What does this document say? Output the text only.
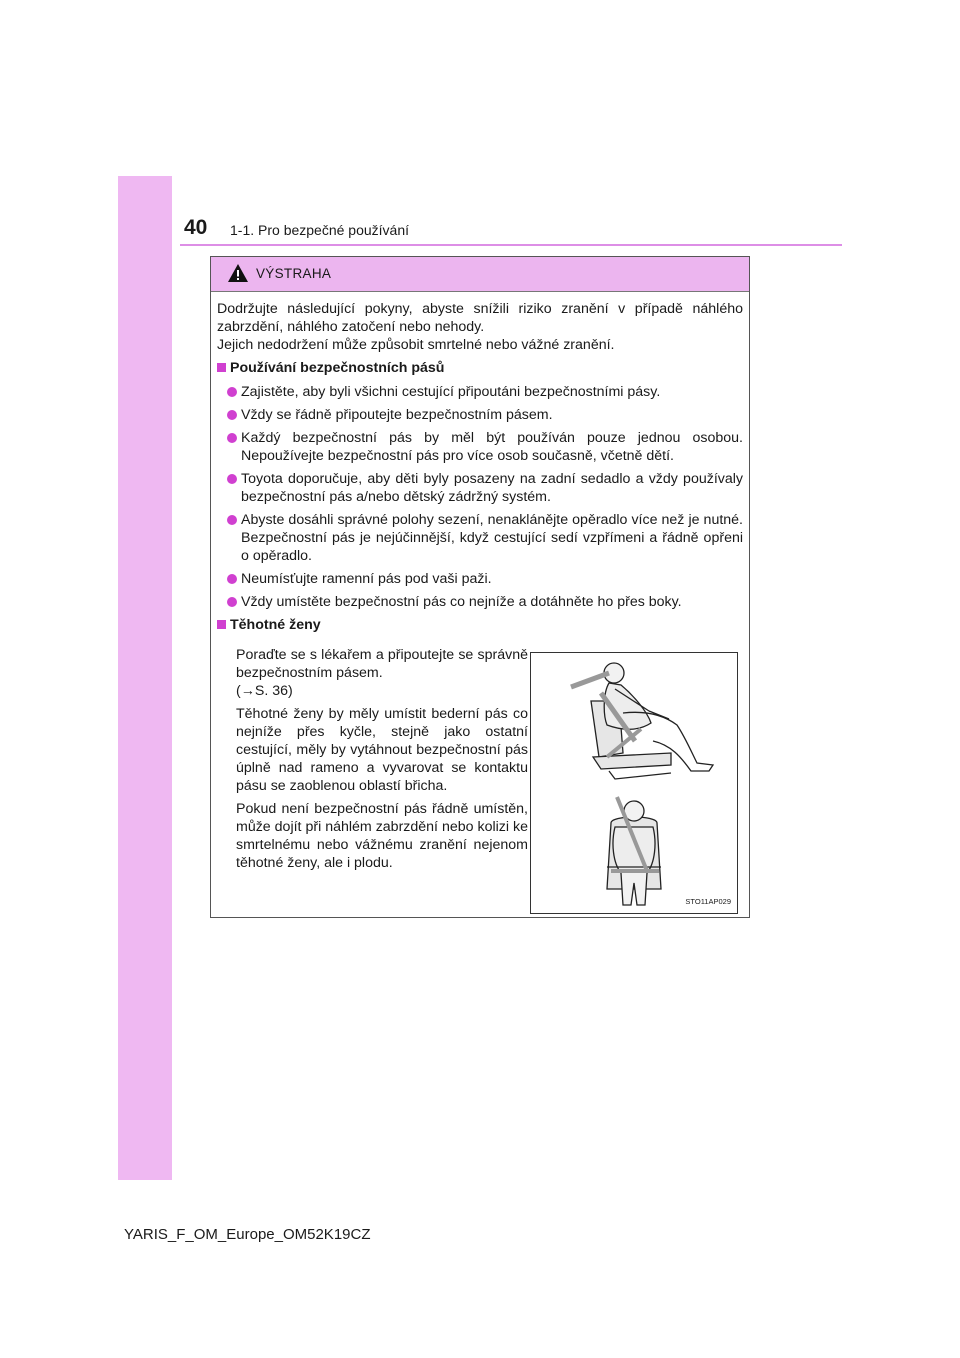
40 1-1. Pro bezpečné používání
VÝSTRAHA

Dodržujte následující pokyny, abyste snížili riziko zranění v případě náhlého zabrzdění, náhlého zatočení nebo nehody.

Jejich nedodržení může způsobit smrtelné nebo vážné zranění.

Používání bezpečnostních pásů
Zajistěte, aby byli všichni cestující připoutáni bezpečnostními pásy.
Vždy se řádně připoutejte bezpečnostním pásem.
Každý bezpečnostní pás by měl být používán pouze jednou osobou. Nepoužívejte bezpečnostní pás pro více osob současně, včetně dětí.
Toyota doporučuje, aby děti byly posazeny na zadní sedadlo a vždy používaly bezpečnostní pás a/nebo dětský zádržný systém.
Abyste dosáhli správné polohy sezení, nenaklánějte opěradlo více než je nutné. Bezpečnostní pás je nejúčinnější, když cestující sedí vzpřímeni a řádně opřeni o opěradlo.
Neumísťujte ramenní pás pod vaši paži.
Vždy umístěte bezpečnostní pás co nejníže a dotáhněte ho přes boky.
Těhotné ženy

Poraďte se s lékařem a připoutejte se správně bezpečnostním pásem.
(→S. 36)

Těhotné ženy by měly umístit bederní pás co nejníže přes kyčle, stejně jako ostatní cestující, měly by vytáhnout bezpečnostní pás úplně nad rameno a vyvarovat se kontaktu pásu se zaoblenou oblastí břicha.

Pokud není bezpečnostní pás řádně umístěn, může dojít při náhlém zabrzdění nebo kolizi ke smrtelnému nebo vážnému zranění nejenom těhotné ženy, ale i plodu.

STO11AP029
YARIS_F_OM_Europe_OM52K19CZ
